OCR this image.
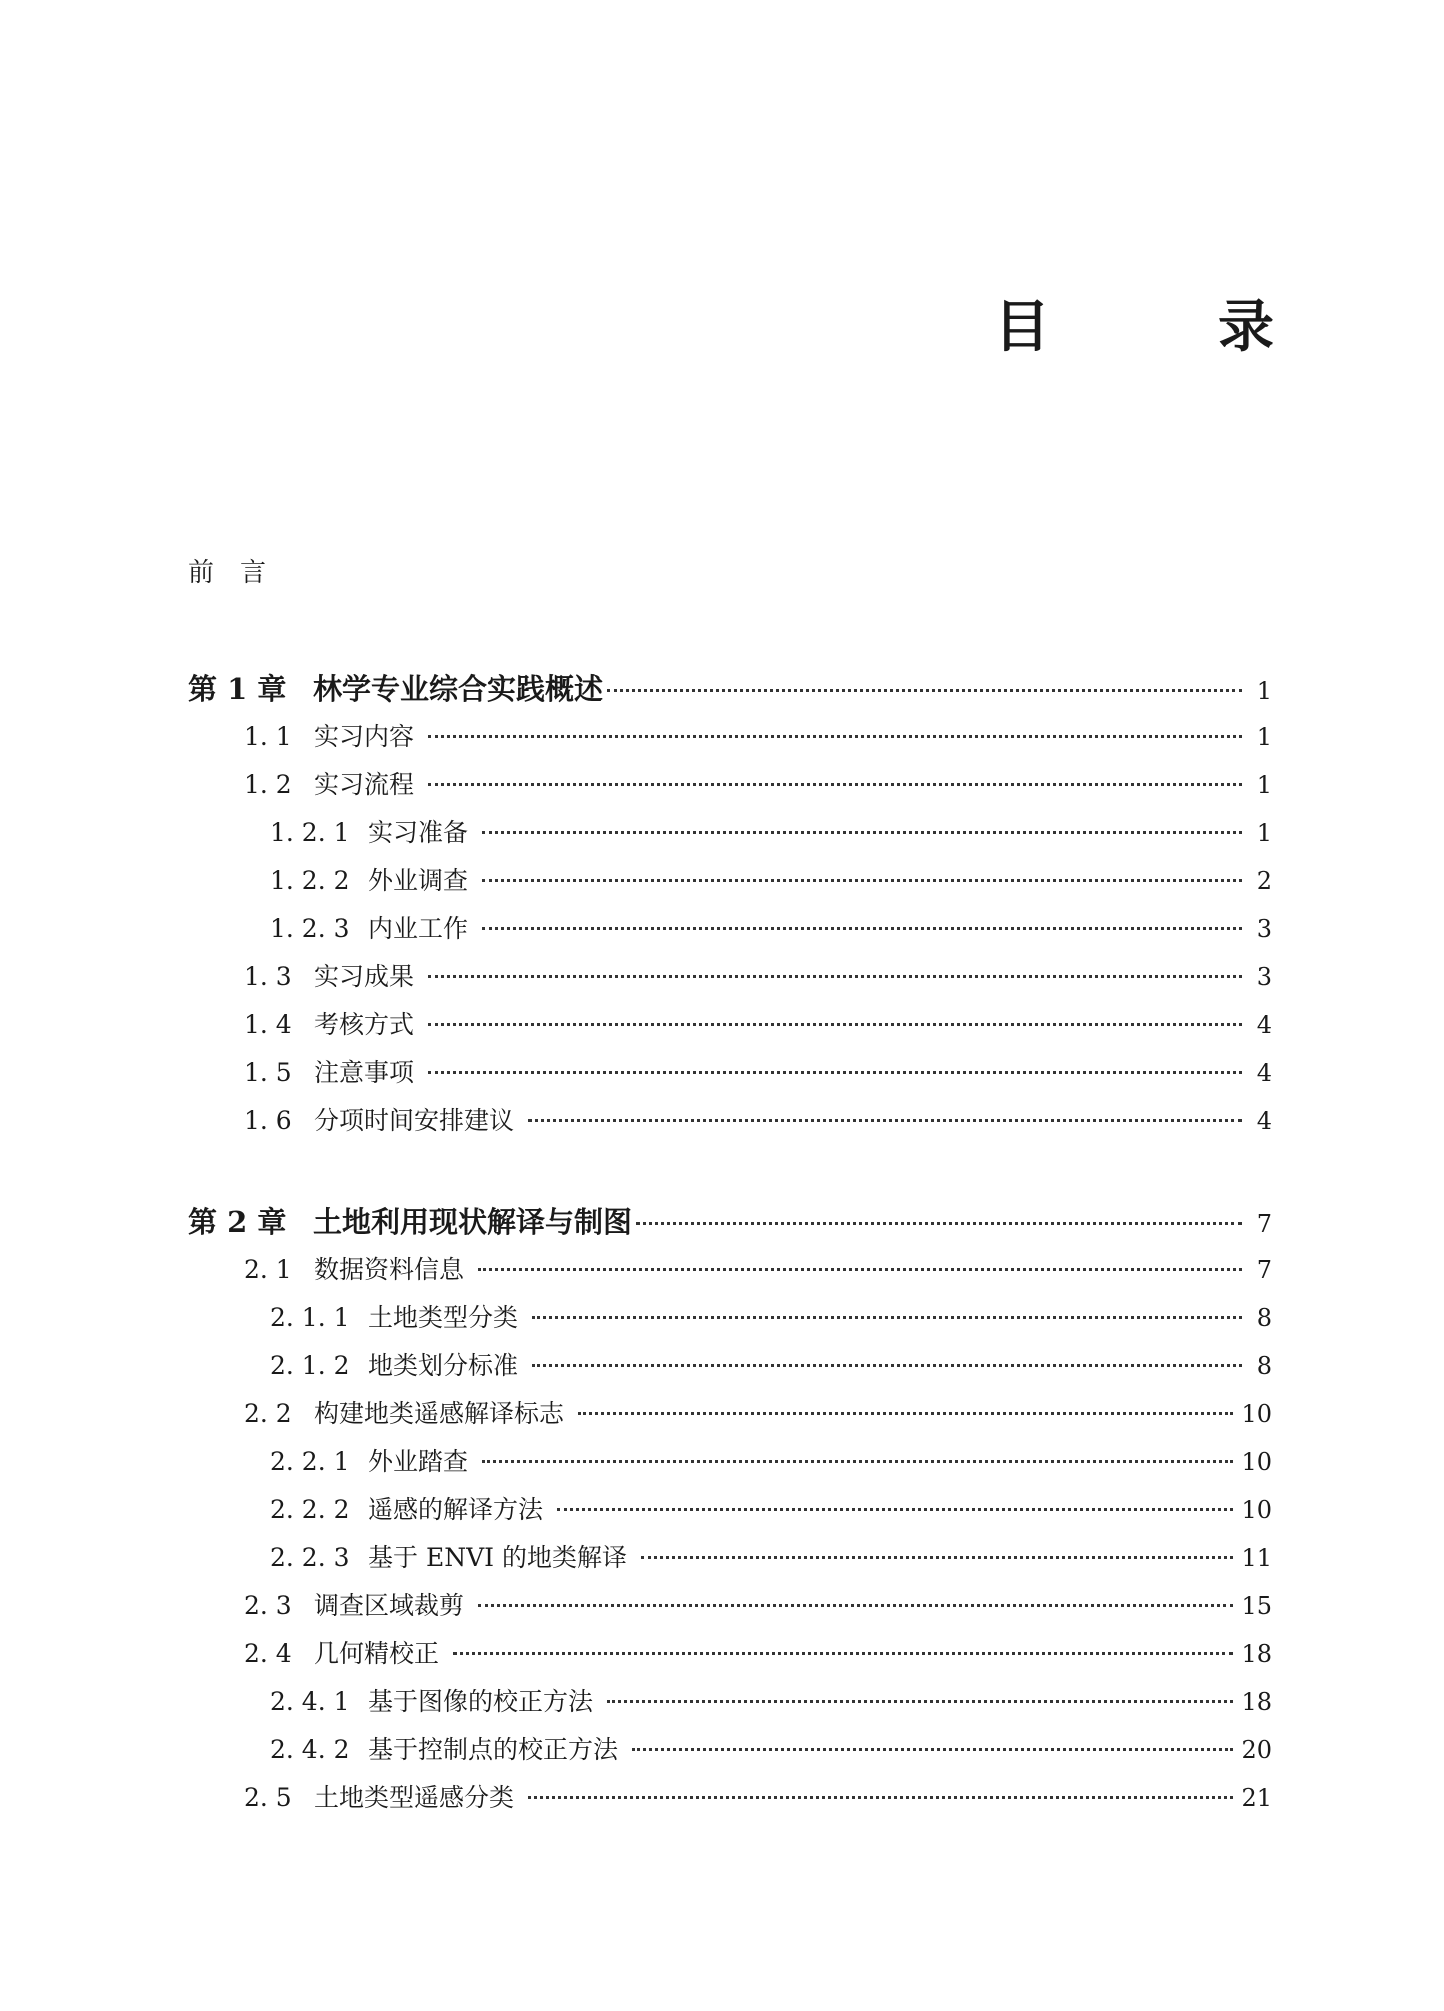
目　　　录
前　言
第 1 章 林学专业综合实践概述	1
1. 1 实习内容	1
1. 2 实习流程	1
1. 2. 1 实习准备	1
1. 2. 2 外业调查	2
1. 2. 3 内业工作	3
1. 3 实习成果	3
1. 4 考核方式	4
1. 5 注意事项	4
1. 6 分项时间安排建议	4
第 2 章 土地利用现状解译与制图	7
2. 1 数据资料信息	7
2. 1. 1 土地类型分类	8
2. 1. 2 地类划分标准	8
2. 2 构建地类遥感解译标志	10
2. 2. 1 外业踏查	10
2. 2. 2 遥感的解译方法	10
2. 2. 3 基于 ENVI 的地类解译	11
2. 3 调查区域裁剪	15
2. 4 几何精校正	18
2. 4. 1 基于图像的校正方法	18
2. 4. 2 基于控制点的校正方法	20
2. 5 土地类型遥感分类	21
